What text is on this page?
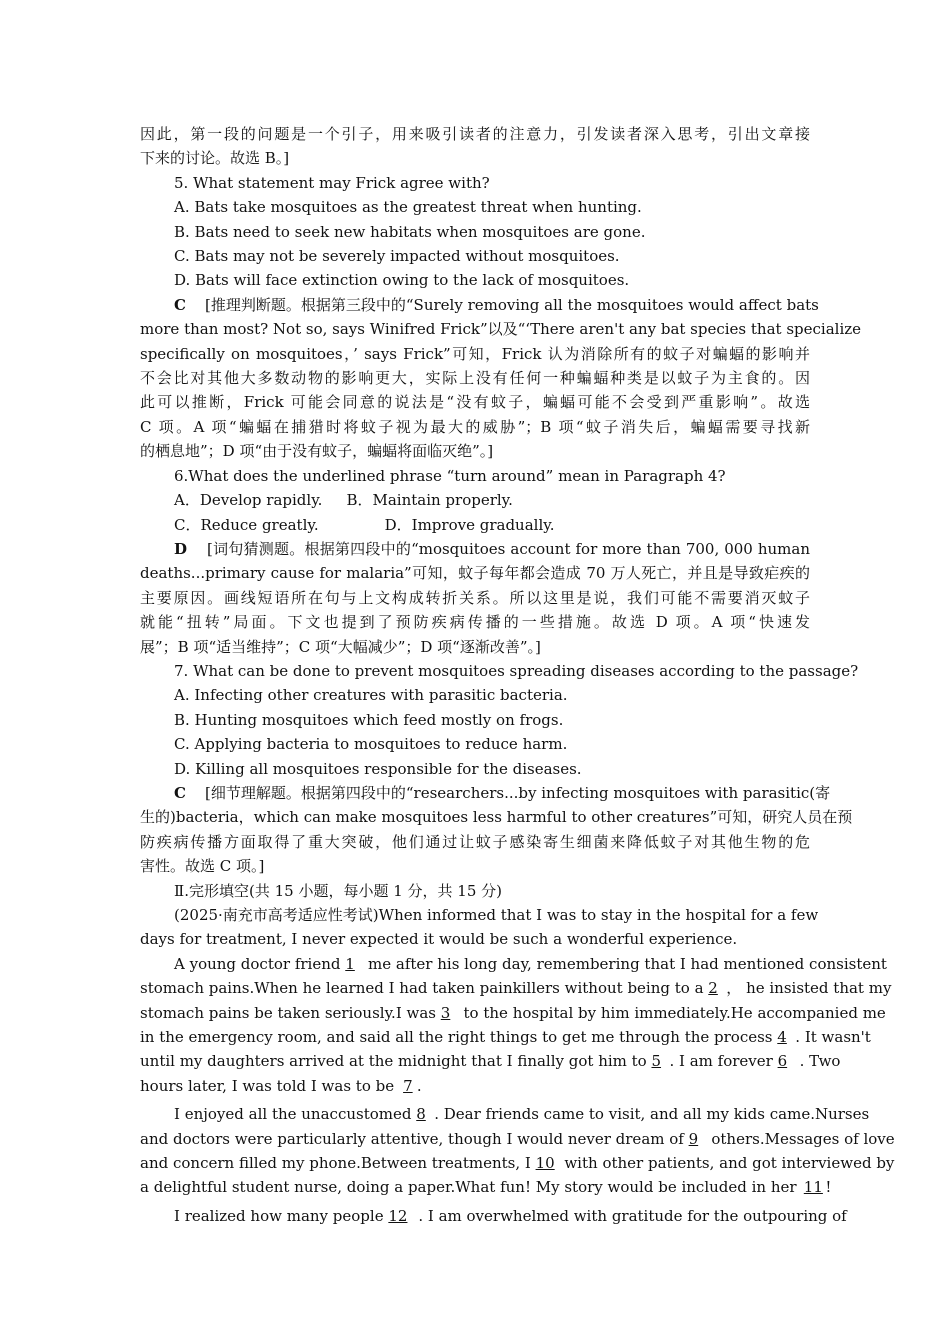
因此，第一段的问题是一个引子，用来吸引读者的注意力，引发读者深入思考，引出文章接
下来的讨论。故选 B。]
5. What statement may Frick agree with?
A. Bats take mosquitoes as the greatest threat when hunting.
B. Bats need to seek new habitats when mosquitoes are gone.
C. Bats may not be severely impacted without mosquitoes.
D. Bats will face extinction owing to the lack of mosquitoes.
C [推理判断题。根据第三段中的“Surely removing all the mosquitoes would affect bats
more than most? Not so, says Winifred Frick”以及“‘There aren't any bat species that specialize
specifically on mosquitoes，’ says Frick”可知，Frick 认为消除所有的蚊子对蝙蝠的影响并
不会比对其他大多数动物的影响更大，实际上没有任何一种蝙蝠种类是以蚊子为主食的。因
此可以推断，Frick 可能会同意的说法是“没有蚊子，蝙蝠可能不会受到严重影响”。故选
C 项。A 项“蝙蝠在捕猎时将蚊子视为最大的威胁”；B 项“蚊子消失后，蝙蝠需要寻找新
的栖息地”；D 项“由于没有蚊子，蝙蝠将面临灭绝”。]
6.What does the underlined phrase “turn around” mean in Paragraph 4?
A．Develop rapidly. B．Maintain properly.
C．Reduce greatly.	D．Improve gradually.
D [词句猜测题。根据第四段中的“mosquitoes account for more than 700, 000 human
deaths...primary cause for malaria”可知，蚊子每年都会造成 70 万人死亡，并且是导致疟疾的
主要原因。画线短语所在句与上文构成转折关系。所以这里是说，我们可能不需要消灭蚊子
就能“扭转”局面。下文也提到了预防疾病传播的一些措施。故选 D 项。A 项“快速发
展”；B 项“适当维持”；C 项“大幅减少”；D 项“逐渐改善”。]
7. What can be done to prevent mosquitoes spreading diseases according to the passage?
A. Infecting other creatures with parasitic bacteria.
B. Hunting mosquitoes which feed mostly on frogs.
C. Applying bacteria to mosquitoes to reduce harm.
D. Killing all mosquitoes responsible for the diseases.
C [细节理解题。根据第四段中的“researchers...by infecting mosquitoes with parasitic(寄
生的)bacteria，which can make mosquitoes less harmful to other creatures”可知，研究人员在预
防疾病传播方面取得了重大突破，他们通过让蚊子感染寄生细菌来降低蚊子对其他生物的危
害性。故选 C 项。]
Ⅱ.完形填空(共 15 小题，每小题 1 分，共 15 分)
(2025·南充市高考适应性考试)When informed that I was to stay in the hospital for a few
days for treatment, I never expected it would be such a wonderful experience.
A young doctor friend 1 me after his long day, remembering that I had mentioned consistent
stomach pains.When he learned I had taken painkillers without being to a 2 ， he insisted that my
stomach pains be taken seriously.I was 3 to the hospital by him immediately.He accompanied me
in the emergency room, and said all the right things to get me through the process 4 . It wasn't
until my daughters arrived at the midnight that I finally got him to 5 . I am forever 6 . Two
hours later, I was told I was to be 7 .
I enjoyed all the unaccustomed 8 . Dear friends came to visit, and all my kids came.Nurses
and doctors were particularly attentive, though I would never dream of 9 others.Messages of love
and concern filled my phone.Between treatments, I 10 with other patients, and got interviewed by
a delightful student nurse, doing a paper.What fun! My story would be included in her 11 !
I realized how many people 12 . I am overwhelmed with gratitude for the outpouring of
